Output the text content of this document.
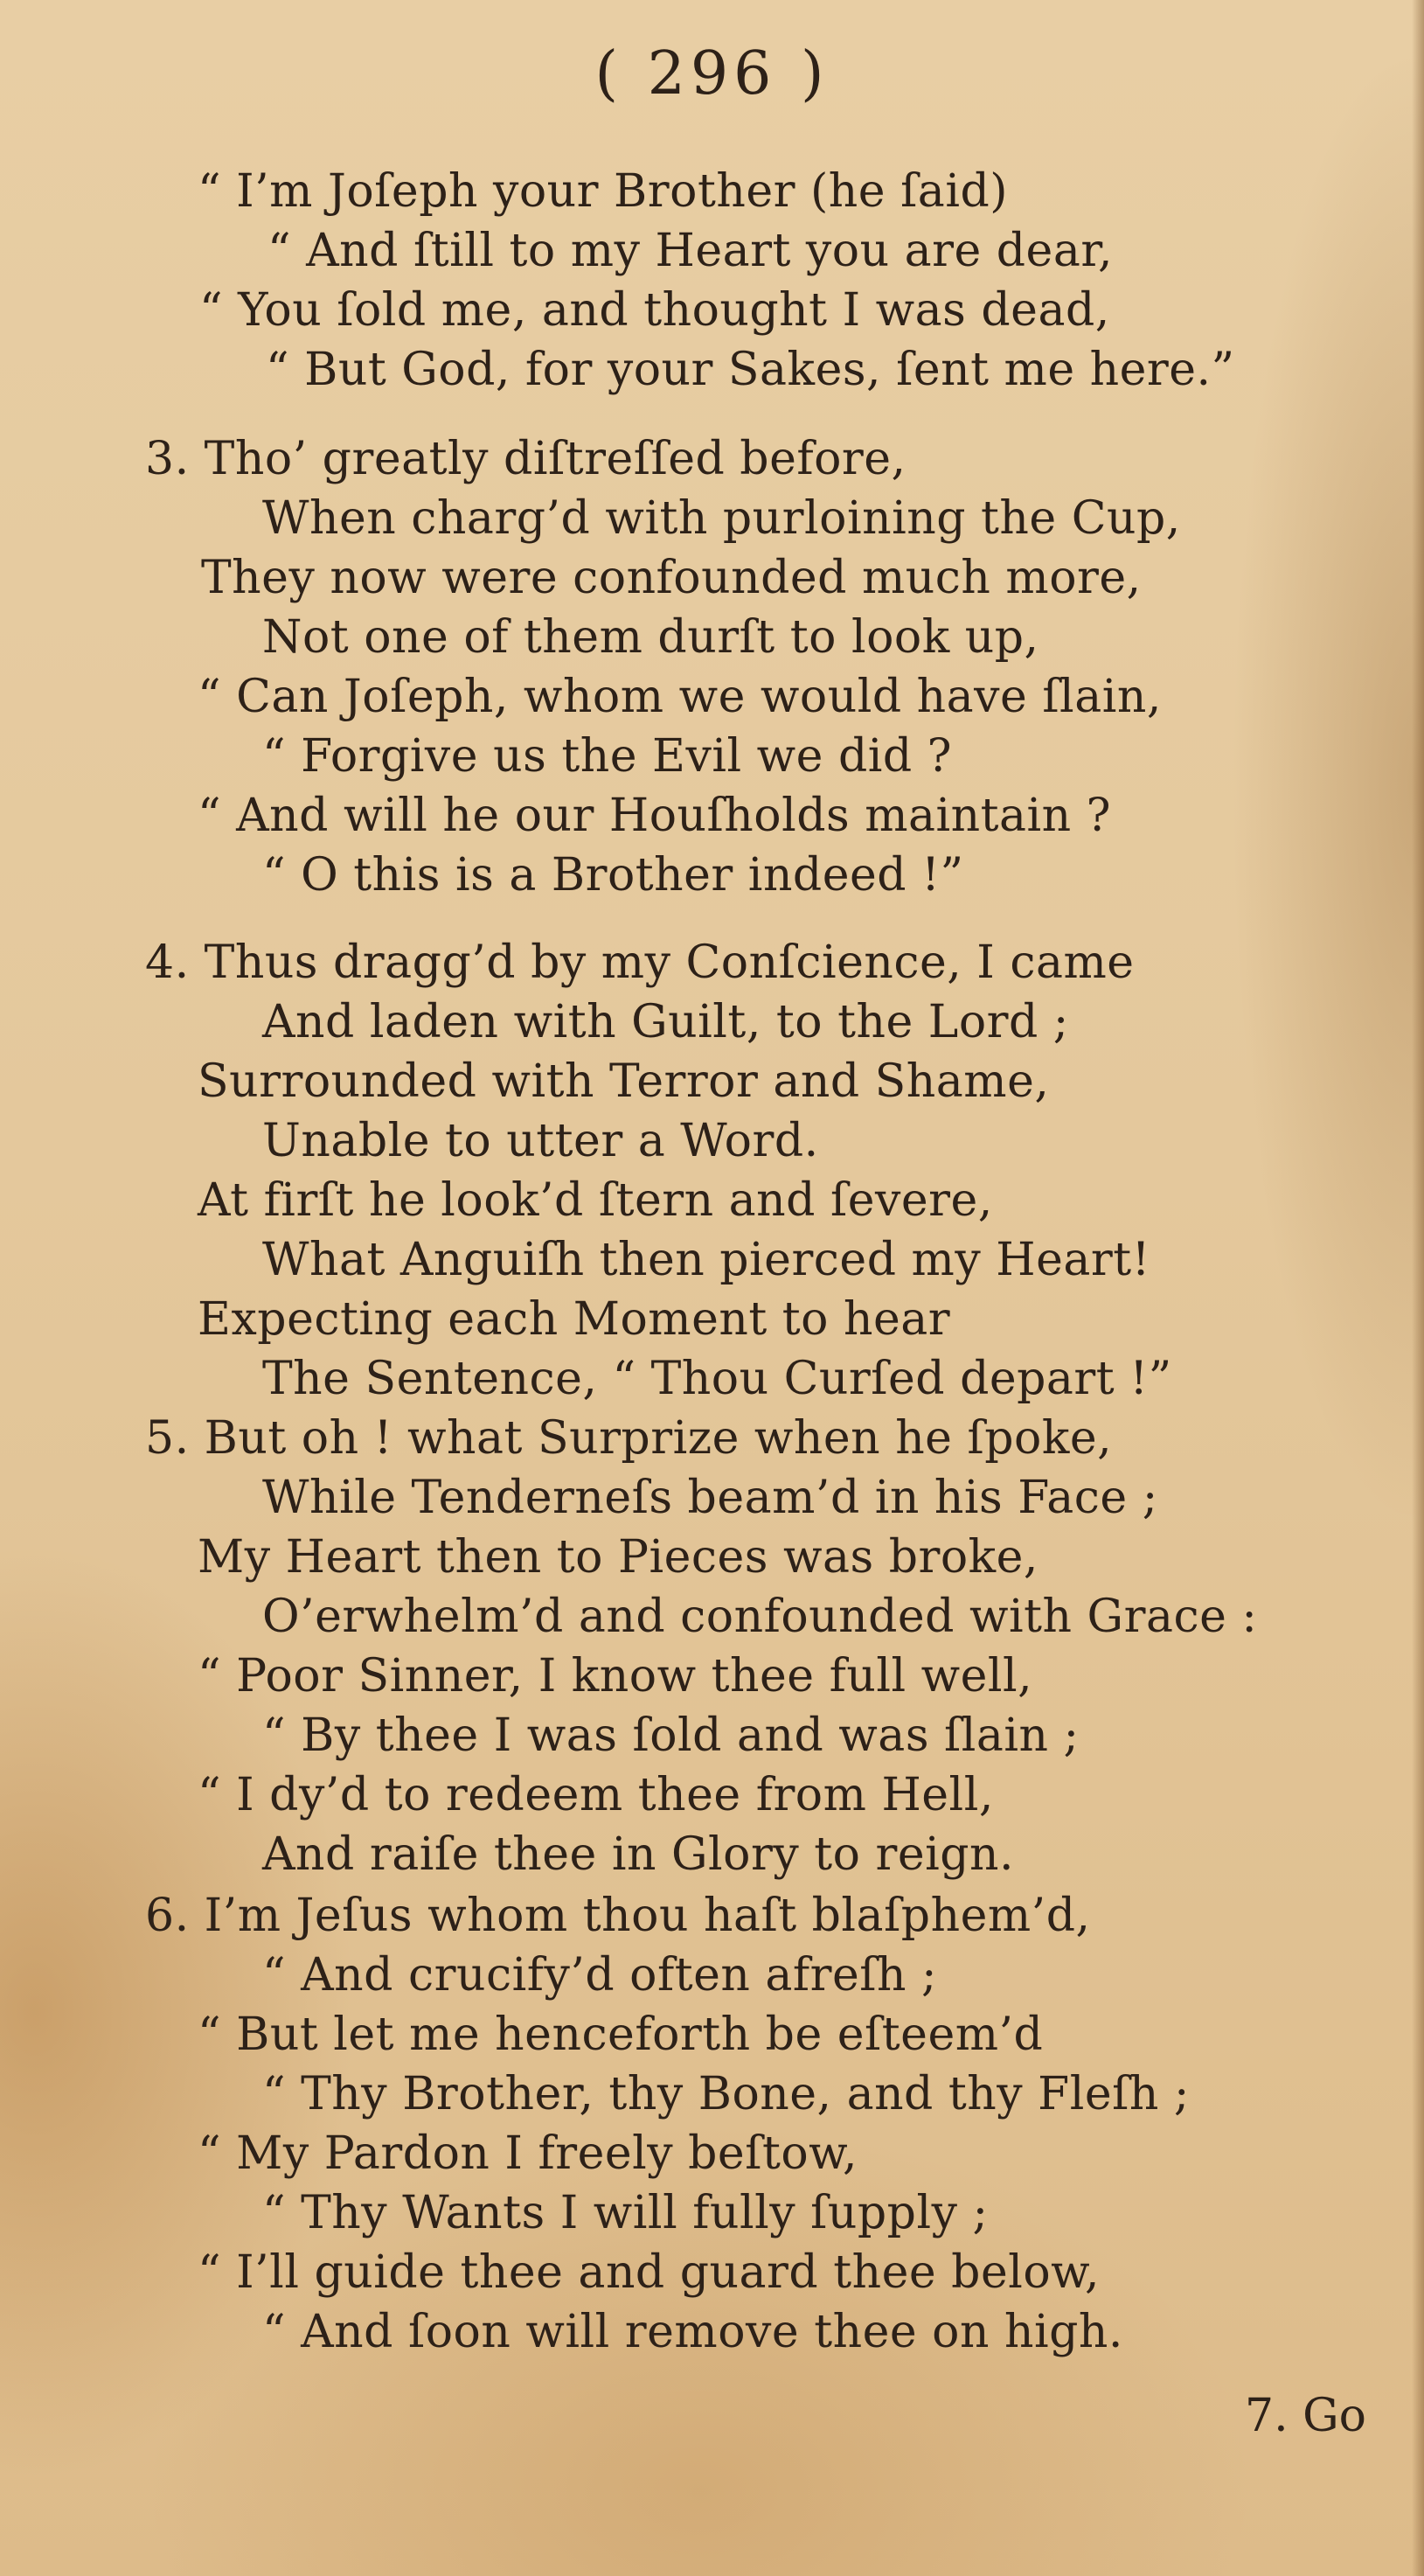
( 296 )
“ I’m Joſeph your Brother (he ſaid)
“ And ſtill to my Heart you are dear,
“ You ſold me, and thought I was dead,
“ But God, for your Sakes, ſent me here.”
3. Tho’ greatly diſtreſſed before,
When charg’d with purloining the Cup,
They now were confounded much more,
Not one of them durſt to look up,
“ Can Joſeph, whom we would have ſlain,
“ Forgive us the Evil we did ?
“ And will he our Houſholds maintain ?
“ O this is a Brother indeed !”
4. Thus dragg’d by my Conſcience, I came
And laden with Guilt, to the Lord ;
Surrounded with Terror and Shame,
Unable to utter a Word.
At firſt he look’d ſtern and ſevere,
What Anguiſh then pierced my Heart!
Expecting each Moment to hear
The Sentence, “ Thou Curſed depart !”
5. But oh ! what Surprize when he ſpoke,
While Tenderneſs beam’d in his Face ;
My Heart then to Pieces was broke,
O’erwhelm’d and confounded with Grace :
“ Poor Sinner, I know thee full well,
“ By thee I was ſold and was ſlain ;
“ I dy’d to redeem thee from Hell,
And raiſe thee in Glory to reign.
6. I’m Jeſus whom thou haſt blaſphem’d,
“ And crucify’d often afreſh ;
“ But let me henceforth be eſteem’d
“ Thy Brother, thy Bone, and thy Fleſh ;
“ My Pardon I freely beſtow,
“ Thy Wants I will fully ſupply ;
“ I’ll guide thee and guard thee below,
“ And ſoon will remove thee on high.
7. Go
